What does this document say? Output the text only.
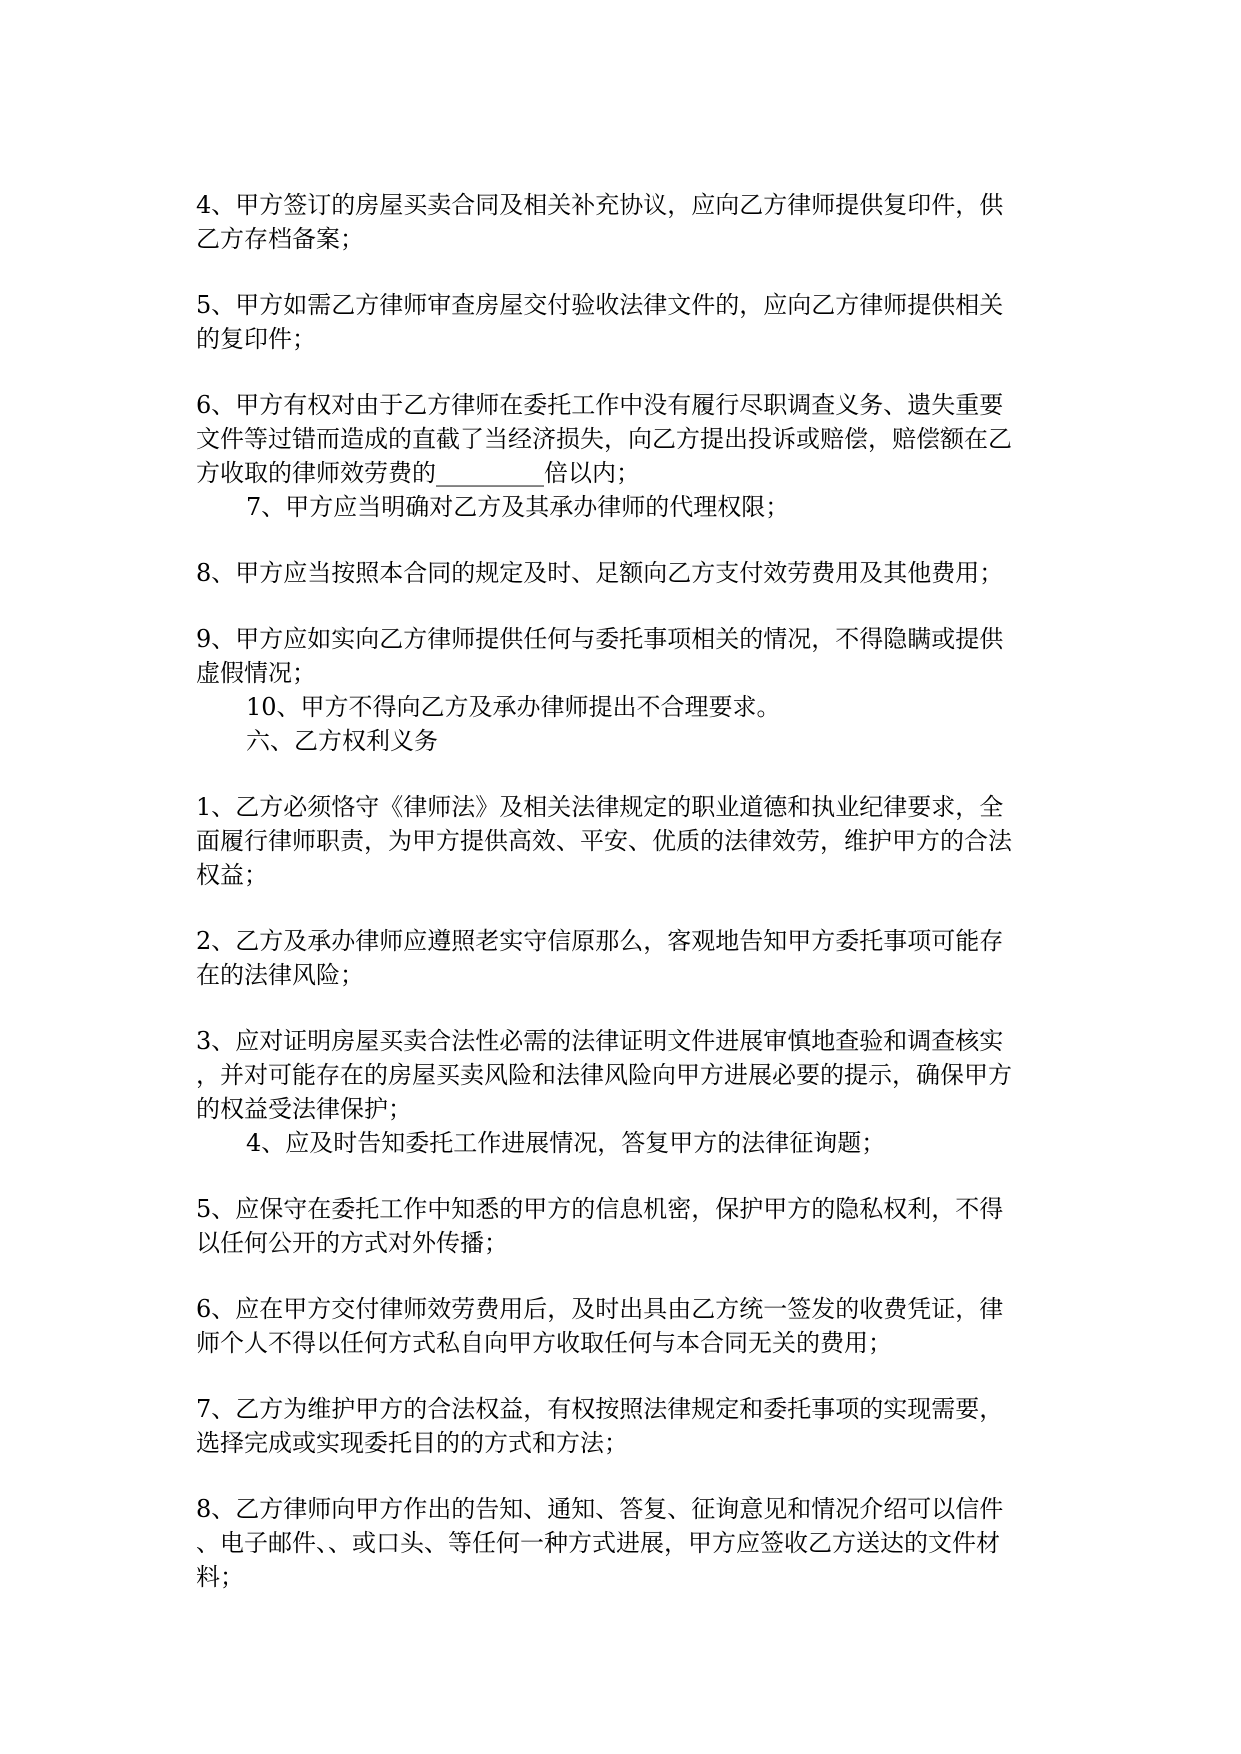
4、甲方签订的房屋买卖合同及相关补充协议，应向乙方律师提供复印件，供
乙方存档备案；
5、甲方如需乙方律师审查房屋交付验收法律文件的，应向乙方律师提供相关
的复印件；
6、甲方有权对由于乙方律师在委托工作中没有履行尽职调查义务、遗失重要
文件等过错而造成的直截了当经济损失，向乙方提出投诉或赔偿，赔偿额在乙
方收取的律师效劳费的_________倍以内；
7、甲方应当明确对乙方及其承办律师的代理权限；
8、甲方应当按照本合同的规定及时、足额向乙方支付效劳费用及其他费用；
9、甲方应如实向乙方律师提供任何与委托事项相关的情况，不得隐瞒或提供
虚假情况；
10、甲方不得向乙方及承办律师提出不合理要求。
六、乙方权利义务
1、乙方必须恪守《律师法》及相关法律规定的职业道德和执业纪律要求，全
面履行律师职责，为甲方提供高效、平安、优质的法律效劳，维护甲方的合法
权益；
2、乙方及承办律师应遵照老实守信原那么，客观地告知甲方委托事项可能存
在的法律风险；
3、应对证明房屋买卖合法性必需的法律证明文件进展审慎地查验和调查核实
，并对可能存在的房屋买卖风险和法律风险向甲方进展必要的提示，确保甲方
的权益受法律保护；
4、应及时告知委托工作进展情况，答复甲方的法律征询题；
5、应保守在委托工作中知悉的甲方的信息机密，保护甲方的隐私权利，不得
以任何公开的方式对外传播；
6、应在甲方交付律师效劳费用后，及时出具由乙方统一签发的收费凭证，律
师个人不得以任何方式私自向甲方收取任何与本合同无关的费用；
7、乙方为维护甲方的合法权益，有权按照法律规定和委托事项的实现需要，
选择完成或实现委托目的的方式和方法；
8、乙方律师向甲方作出的告知、通知、答复、征询意见和情况介绍可以信件
、电子邮件、、或口头、等任何一种方式进展，甲方应签收乙方送达的文件材
料；
